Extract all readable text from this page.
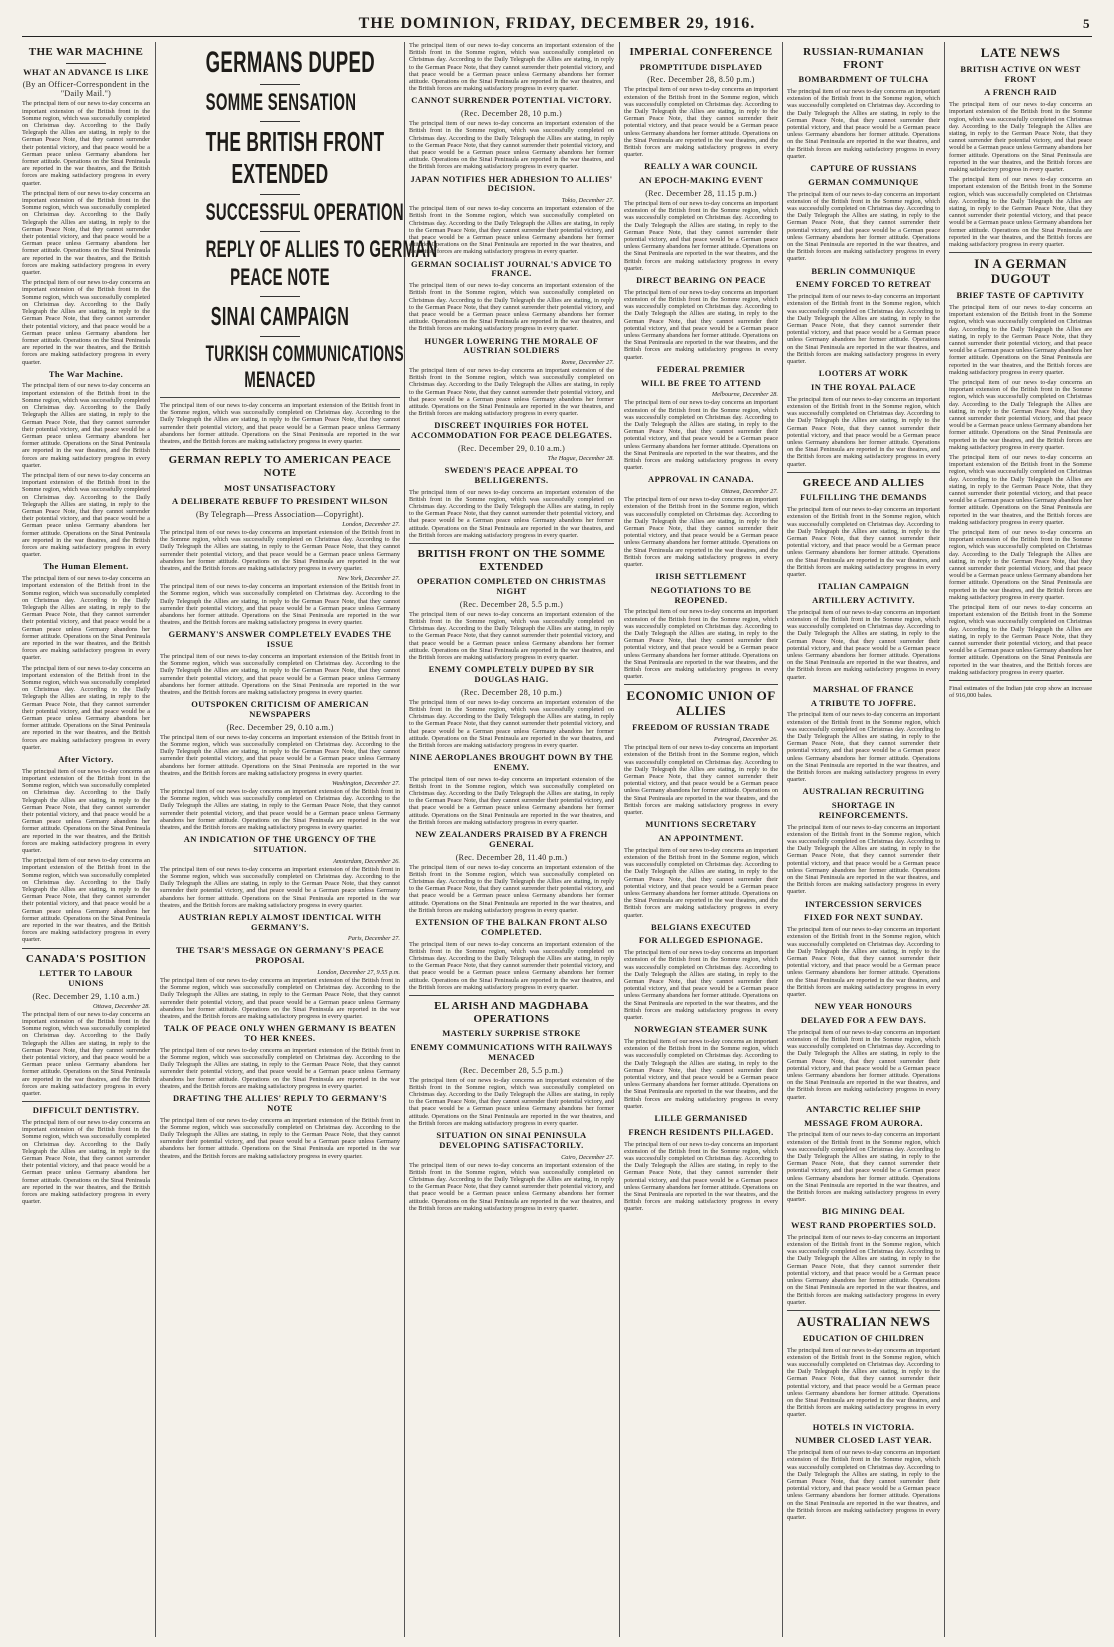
THE DOMINION, FRIDAY, DECEMBER 29, 1916.	5
THE WAR MACHINE
WHAT AN ADVANCE IS LIKE
(By an Officer-Correspondent in the "Daily Mail.")

The principal item of our news to-day concerns an important extension of the British front in the Somme region, which was successfully completed on Christmas day. According to the Daily Telegraph the Allies are stating, in reply to the German Peace Note, that they cannot surrender their potential victory, and that peace would be a German peace unless Germany abandons her former attitude. Operations on the Sinai Peninsula are reported in the war theatres, and the British forces are making satisfactory progress in every quarter.

The principal item of our news to-day concerns an important extension of the British front in the Somme region, which was successfully completed on Christmas day. According to the Daily Telegraph the Allies are stating, in reply to the German Peace Note, that they cannot surrender their potential victory, and that peace would be a German peace unless Germany abandons her former attitude. Operations on the Sinai Peninsula are reported in the war theatres, and the British forces are making satisfactory progress in every quarter.

The principal item of our news to-day concerns an important extension of the British front in the Somme region, which was successfully completed on Christmas day. According to the Daily Telegraph the Allies are stating, in reply to the German Peace Note, that they cannot surrender their potential victory, and that peace would be a German peace unless Germany abandons her former attitude. Operations on the Sinai Peninsula are reported in the war theatres, and the British forces are making satisfactory progress in every quarter.

The War Machine.

The principal item of our news to-day concerns an important extension of the British front in the Somme region, which was successfully completed on Christmas day. According to the Daily Telegraph the Allies are stating, in reply to the German Peace Note, that they cannot surrender their potential victory, and that peace would be a German peace unless Germany abandons her former attitude. Operations on the Sinai Peninsula are reported in the war theatres, and the British forces are making satisfactory progress in every quarter.

The principal item of our news to-day concerns an important extension of the British front in the Somme region, which was successfully completed on Christmas day. According to the Daily Telegraph the Allies are stating, in reply to the German Peace Note, that they cannot surrender their potential victory, and that peace would be a German peace unless Germany abandons her former attitude. Operations on the Sinai Peninsula are reported in the war theatres, and the British forces are making satisfactory progress in every quarter.

The Human Element.

The principal item of our news to-day concerns an important extension of the British front in the Somme region, which was successfully completed on Christmas day. According to the Daily Telegraph the Allies are stating, in reply to the German Peace Note, that they cannot surrender their potential victory, and that peace would be a German peace unless Germany abandons her former attitude. Operations on the Sinai Peninsula are reported in the war theatres, and the British forces are making satisfactory progress in every quarter.

The principal item of our news to-day concerns an important extension of the British front in the Somme region, which was successfully completed on Christmas day. According to the Daily Telegraph the Allies are stating, in reply to the German Peace Note, that they cannot surrender their potential victory, and that peace would be a German peace unless Germany abandons her former attitude. Operations on the Sinai Peninsula are reported in the war theatres, and the British forces are making satisfactory progress in every quarter.

After Victory.

The principal item of our news to-day concerns an important extension of the British front in the Somme region, which was successfully completed on Christmas day. According to the Daily Telegraph the Allies are stating, in reply to the German Peace Note, that they cannot surrender their potential victory, and that peace would be a German peace unless Germany abandons her former attitude. Operations on the Sinai Peninsula are reported in the war theatres, and the British forces are making satisfactory progress in every quarter.

The principal item of our news to-day concerns an important extension of the British front in the Somme region, which was successfully completed on Christmas day. According to the Daily Telegraph the Allies are stating, in reply to the German Peace Note, that they cannot surrender their potential victory, and that peace would be a German peace unless Germany abandons her former attitude. Operations on the Sinai Peninsula are reported in the war theatres, and the British forces are making satisfactory progress in every quarter.

CANADA'S POSITION
LETTER TO LABOUR UNIONS
(Rec. December 29, 1.10 a.m.)
Ottawa, December 28.

The principal item of our news to-day concerns an important extension of the British front in the Somme region, which was successfully completed on Christmas day. According to the Daily Telegraph the Allies are stating, in reply to the German Peace Note, that they cannot surrender their potential victory, and that peace would be a German peace unless Germany abandons her former attitude. Operations on the Sinai Peninsula are reported in the war theatres, and the British forces are making satisfactory progress in every quarter.

DIFFICULT DENTISTRY.

The principal item of our news to-day concerns an important extension of the British front in the Somme region, which was successfully completed on Christmas day. According to the Daily Telegraph the Allies are stating, in reply to the German Peace Note, that they cannot surrender their potential victory, and that peace would be a German peace unless Germany abandons her former attitude. Operations on the Sinai Peninsula are reported in the war theatres, and the British forces are making satisfactory progress in every quarter.

GERMANS DUPED
SOMME SENSATION
THE BRITISH FRONT
EXTENDED
SUCCESSFUL OPERATION
REPLY OF ALLIES TO GERMAN
PEACE NOTE
SINAI CAMPAIGN
TURKISH COMMUNICATIONS
MENACED

The principal item of our news to-day concerns an important extension of the British front in the Somme region, which was successfully completed on Christmas day. According to the Daily Telegraph the Allies are stating, in reply to the German Peace Note, that they cannot surrender their potential victory, and that peace would be a German peace unless Germany abandons her former attitude. Operations on the Sinai Peninsula are reported in the war theatres, and the British forces are making satisfactory progress in every quarter.

GERMAN REPLY TO AMERICAN PEACE NOTE
MOST UNSATISFACTORY
A DELIBERATE REBUFF TO PRESIDENT WILSON
(By Telegraph—Press Association—Copyright).
London, December 27.

The principal item of our news to-day concerns an important extension of the British front in the Somme region, which was successfully completed on Christmas day. According to the Daily Telegraph the Allies are stating, in reply to the German Peace Note, that they cannot surrender their potential victory, and that peace would be a German peace unless Germany abandons her former attitude. Operations on the Sinai Peninsula are reported in the war theatres, and the British forces are making satisfactory progress in every quarter.

New York, December 27.

The principal item of our news to-day concerns an important extension of the British front in the Somme region, which was successfully completed on Christmas day. According to the Daily Telegraph the Allies are stating, in reply to the German Peace Note, that they cannot surrender their potential victory, and that peace would be a German peace unless Germany abandons her former attitude. Operations on the Sinai Peninsula are reported in the war theatres, and the British forces are making satisfactory progress in every quarter.

GERMANY'S ANSWER COMPLETELY EVADES THE ISSUE

The principal item of our news to-day concerns an important extension of the British front in the Somme region, which was successfully completed on Christmas day. According to the Daily Telegraph the Allies are stating, in reply to the German Peace Note, that they cannot surrender their potential victory, and that peace would be a German peace unless Germany abandons her former attitude. Operations on the Sinai Peninsula are reported in the war theatres, and the British forces are making satisfactory progress in every quarter.

OUTSPOKEN CRITICISM OF AMERICAN NEWSPAPERS
(Rec. December 29, 0.10 a.m.)

The principal item of our news to-day concerns an important extension of the British front in the Somme region, which was successfully completed on Christmas day. According to the Daily Telegraph the Allies are stating, in reply to the German Peace Note, that they cannot surrender their potential victory, and that peace would be a German peace unless Germany abandons her former attitude. Operations on the Sinai Peninsula are reported in the war theatres, and the British forces are making satisfactory progress in every quarter.

Washington, December 27.

The principal item of our news to-day concerns an important extension of the British front in the Somme region, which was successfully completed on Christmas day. According to the Daily Telegraph the Allies are stating, in reply to the German Peace Note, that they cannot surrender their potential victory, and that peace would be a German peace unless Germany abandons her former attitude. Operations on the Sinai Peninsula are reported in the war theatres, and the British forces are making satisfactory progress in every quarter.

AN INDICATION OF THE URGENCY OF THE SITUATION.
Amsterdam, December 26.

The principal item of our news to-day concerns an important extension of the British front in the Somme region, which was successfully completed on Christmas day. According to the Daily Telegraph the Allies are stating, in reply to the German Peace Note, that they cannot surrender their potential victory, and that peace would be a German peace unless Germany abandons her former attitude. Operations on the Sinai Peninsula are reported in the war theatres, and the British forces are making satisfactory progress in every quarter.

AUSTRIAN REPLY ALMOST IDENTICAL WITH GERMANY'S.
Paris, December 27.
THE TSAR'S MESSAGE ON GERMANY'S PEACE PROPOSAL
London, December 27, 9.55 p.m.

The principal item of our news to-day concerns an important extension of the British front in the Somme region, which was successfully completed on Christmas day. According to the Daily Telegraph the Allies are stating, in reply to the German Peace Note, that they cannot surrender their potential victory, and that peace would be a German peace unless Germany abandons her former attitude. Operations on the Sinai Peninsula are reported in the war theatres, and the British forces are making satisfactory progress in every quarter.

TALK OF PEACE ONLY WHEN GERMANY IS BEATEN TO HER KNEES.

The principal item of our news to-day concerns an important extension of the British front in the Somme region, which was successfully completed on Christmas day. According to the Daily Telegraph the Allies are stating, in reply to the German Peace Note, that they cannot surrender their potential victory, and that peace would be a German peace unless Germany abandons her former attitude. Operations on the Sinai Peninsula are reported in the war theatres, and the British forces are making satisfactory progress in every quarter.

DRAFTING THE ALLIES' REPLY TO GERMANY'S NOTE

The principal item of our news to-day concerns an important extension of the British front in the Somme region, which was successfully completed on Christmas day. According to the Daily Telegraph the Allies are stating, in reply to the German Peace Note, that they cannot surrender their potential victory, and that peace would be a German peace unless Germany abandons her former attitude. Operations on the Sinai Peninsula are reported in the war theatres, and the British forces are making satisfactory progress in every quarter.

The principal item of our news to-day concerns an important extension of the British front in the Somme region, which was successfully completed on Christmas day. According to the Daily Telegraph the Allies are stating, in reply to the German Peace Note, that they cannot surrender their potential victory, and that peace would be a German peace unless Germany abandons her former attitude. Operations on the Sinai Peninsula are reported in the war theatres, and the British forces are making satisfactory progress in every quarter.

CANNOT SURRENDER POTENTIAL VICTORY.
(Rec. December 28, 10 p.m.)

The principal item of our news to-day concerns an important extension of the British front in the Somme region, which was successfully completed on Christmas day. According to the Daily Telegraph the Allies are stating, in reply to the German Peace Note, that they cannot surrender their potential victory, and that peace would be a German peace unless Germany abandons her former attitude. Operations on the Sinai Peninsula are reported in the war theatres, and the British forces are making satisfactory progress in every quarter.

JAPAN NOTIFIES HER ADHESION TO ALLIES' DECISION.
Tokio, December 27.

The principal item of our news to-day concerns an important extension of the British front in the Somme region, which was successfully completed on Christmas day. According to the Daily Telegraph the Allies are stating, in reply to the German Peace Note, that they cannot surrender their potential victory, and that peace would be a German peace unless Germany abandons her former attitude. Operations on the Sinai Peninsula are reported in the war theatres, and the British forces are making satisfactory progress in every quarter.

GERMAN SOCIALIST JOURNAL'S ADVICE TO FRANCE.

The principal item of our news to-day concerns an important extension of the British front in the Somme region, which was successfully completed on Christmas day. According to the Daily Telegraph the Allies are stating, in reply to the German Peace Note, that they cannot surrender their potential victory, and that peace would be a German peace unless Germany abandons her former attitude. Operations on the Sinai Peninsula are reported in the war theatres, and the British forces are making satisfactory progress in every quarter.

HUNGER LOWERING THE MORALE OF AUSTRIAN SOLDIERS
Rome, December 27.

The principal item of our news to-day concerns an important extension of the British front in the Somme region, which was successfully completed on Christmas day. According to the Daily Telegraph the Allies are stating, in reply to the German Peace Note, that they cannot surrender their potential victory, and that peace would be a German peace unless Germany abandons her former attitude. Operations on the Sinai Peninsula are reported in the war theatres, and the British forces are making satisfactory progress in every quarter.

DISCREET INQUIRIES FOR HOTEL ACCOMMODATION FOR PEACE DELEGATES.
(Rec. December 29, 0.10 a.m.)
The Hague, December 28.
SWEDEN'S PEACE APPEAL TO BELLIGERENTS.

The principal item of our news to-day concerns an important extension of the British front in the Somme region, which was successfully completed on Christmas day. According to the Daily Telegraph the Allies are stating, in reply to the German Peace Note, that they cannot surrender their potential victory, and that peace would be a German peace unless Germany abandons her former attitude. Operations on the Sinai Peninsula are reported in the war theatres, and the British forces are making satisfactory progress in every quarter.

BRITISH FRONT ON THE SOMME EXTENDED
OPERATION COMPLETED ON CHRISTMAS NIGHT
(Rec. December 28, 5.5 p.m.)

The principal item of our news to-day concerns an important extension of the British front in the Somme region, which was successfully completed on Christmas day. According to the Daily Telegraph the Allies are stating, in reply to the German Peace Note, that they cannot surrender their potential victory, and that peace would be a German peace unless Germany abandons her former attitude. Operations on the Sinai Peninsula are reported in the war theatres, and the British forces are making satisfactory progress in every quarter.

ENEMY COMPLETELY DUPED BY SIR DOUGLAS HAIG.
(Rec. December 28, 10 p.m.)

The principal item of our news to-day concerns an important extension of the British front in the Somme region, which was successfully completed on Christmas day. According to the Daily Telegraph the Allies are stating, in reply to the German Peace Note, that they cannot surrender their potential victory, and that peace would be a German peace unless Germany abandons her former attitude. Operations on the Sinai Peninsula are reported in the war theatres, and the British forces are making satisfactory progress in every quarter.

NINE AEROPLANES BROUGHT DOWN BY THE ENEMY.

The principal item of our news to-day concerns an important extension of the British front in the Somme region, which was successfully completed on Christmas day. According to the Daily Telegraph the Allies are stating, in reply to the German Peace Note, that they cannot surrender their potential victory, and that peace would be a German peace unless Germany abandons her former attitude. Operations on the Sinai Peninsula are reported in the war theatres, and the British forces are making satisfactory progress in every quarter.

NEW ZEALANDERS PRAISED BY A FRENCH GENERAL
(Rec. December 28, 11.40 p.m.)

The principal item of our news to-day concerns an important extension of the British front in the Somme region, which was successfully completed on Christmas day. According to the Daily Telegraph the Allies are stating, in reply to the German Peace Note, that they cannot surrender their potential victory, and that peace would be a German peace unless Germany abandons her former attitude. Operations on the Sinai Peninsula are reported in the war theatres, and the British forces are making satisfactory progress in every quarter.

EXTENSION OF THE BALKAN FRONT ALSO COMPLETED.

The principal item of our news to-day concerns an important extension of the British front in the Somme region, which was successfully completed on Christmas day. According to the Daily Telegraph the Allies are stating, in reply to the German Peace Note, that they cannot surrender their potential victory, and that peace would be a German peace unless Germany abandons her former attitude. Operations on the Sinai Peninsula are reported in the war theatres, and the British forces are making satisfactory progress in every quarter.

EL ARISH AND MAGDHABA OPERATIONS
MASTERLY SURPRISE STROKE
ENEMY COMMUNICATIONS WITH RAILWAYS MENACED
(Rec. December 28, 5.5 p.m.)

The principal item of our news to-day concerns an important extension of the British front in the Somme region, which was successfully completed on Christmas day. According to the Daily Telegraph the Allies are stating, in reply to the German Peace Note, that they cannot surrender their potential victory, and that peace would be a German peace unless Germany abandons her former attitude. Operations on the Sinai Peninsula are reported in the war theatres, and the British forces are making satisfactory progress in every quarter.

SITUATION ON SINAI PENINSULA DEVELOPING SATISFACTORILY.
Cairo, December 27.

The principal item of our news to-day concerns an important extension of the British front in the Somme region, which was successfully completed on Christmas day. According to the Daily Telegraph the Allies are stating, in reply to the German Peace Note, that they cannot surrender their potential victory, and that peace would be a German peace unless Germany abandons her former attitude. Operations on the Sinai Peninsula are reported in the war theatres, and the British forces are making satisfactory progress in every quarter.

IMPERIAL CONFERENCE
PROMPTITUDE DISPLAYED
(Rec. December 28, 8.50 p.m.)

The principal item of our news to-day concerns an important extension of the British front in the Somme region, which was successfully completed on Christmas day. According to the Daily Telegraph the Allies are stating, in reply to the German Peace Note, that they cannot surrender their potential victory, and that peace would be a German peace unless Germany abandons her former attitude. Operations on the Sinai Peninsula are reported in the war theatres, and the British forces are making satisfactory progress in every quarter.

REALLY A WAR COUNCIL
AN EPOCH-MAKING EVENT
(Rec. December 28, 11.15 p.m.)

The principal item of our news to-day concerns an important extension of the British front in the Somme region, which was successfully completed on Christmas day. According to the Daily Telegraph the Allies are stating, in reply to the German Peace Note, that they cannot surrender their potential victory, and that peace would be a German peace unless Germany abandons her former attitude. Operations on the Sinai Peninsula are reported in the war theatres, and the British forces are making satisfactory progress in every quarter.

DIRECT BEARING ON PEACE

The principal item of our news to-day concerns an important extension of the British front in the Somme region, which was successfully completed on Christmas day. According to the Daily Telegraph the Allies are stating, in reply to the German Peace Note, that they cannot surrender their potential victory, and that peace would be a German peace unless Germany abandons her former attitude. Operations on the Sinai Peninsula are reported in the war theatres, and the British forces are making satisfactory progress in every quarter.

FEDERAL PREMIER
WILL BE FREE TO ATTEND
Melbourne, December 28.

The principal item of our news to-day concerns an important extension of the British front in the Somme region, which was successfully completed on Christmas day. According to the Daily Telegraph the Allies are stating, in reply to the German Peace Note, that they cannot surrender their potential victory, and that peace would be a German peace unless Germany abandons her former attitude. Operations on the Sinai Peninsula are reported in the war theatres, and the British forces are making satisfactory progress in every quarter.

APPROVAL IN CANADA.
Ottawa, December 27.

The principal item of our news to-day concerns an important extension of the British front in the Somme region, which was successfully completed on Christmas day. According to the Daily Telegraph the Allies are stating, in reply to the German Peace Note, that they cannot surrender their potential victory, and that peace would be a German peace unless Germany abandons her former attitude. Operations on the Sinai Peninsula are reported in the war theatres, and the British forces are making satisfactory progress in every quarter.

IRISH SETTLEMENT
NEGOTIATIONS TO BE REOPENED.

The principal item of our news to-day concerns an important extension of the British front in the Somme region, which was successfully completed on Christmas day. According to the Daily Telegraph the Allies are stating, in reply to the German Peace Note, that they cannot surrender their potential victory, and that peace would be a German peace unless Germany abandons her former attitude. Operations on the Sinai Peninsula are reported in the war theatres, and the British forces are making satisfactory progress in every quarter.

ECONOMIC UNION OF ALLIES
FREEDOM OF RUSSIAN TRADE
Petrograd, December 26.

The principal item of our news to-day concerns an important extension of the British front in the Somme region, which was successfully completed on Christmas day. According to the Daily Telegraph the Allies are stating, in reply to the German Peace Note, that they cannot surrender their potential victory, and that peace would be a German peace unless Germany abandons her former attitude. Operations on the Sinai Peninsula are reported in the war theatres, and the British forces are making satisfactory progress in every quarter.

MUNITIONS SECRETARY
AN APPOINTMENT.

The principal item of our news to-day concerns an important extension of the British front in the Somme region, which was successfully completed on Christmas day. According to the Daily Telegraph the Allies are stating, in reply to the German Peace Note, that they cannot surrender their potential victory, and that peace would be a German peace unless Germany abandons her former attitude. Operations on the Sinai Peninsula are reported in the war theatres, and the British forces are making satisfactory progress in every quarter.

BELGIANS EXECUTED
FOR ALLEGED ESPIONAGE.

The principal item of our news to-day concerns an important extension of the British front in the Somme region, which was successfully completed on Christmas day. According to the Daily Telegraph the Allies are stating, in reply to the German Peace Note, that they cannot surrender their potential victory, and that peace would be a German peace unless Germany abandons her former attitude. Operations on the Sinai Peninsula are reported in the war theatres, and the British forces are making satisfactory progress in every quarter.

NORWEGIAN STEAMER SUNK

The principal item of our news to-day concerns an important extension of the British front in the Somme region, which was successfully completed on Christmas day. According to the Daily Telegraph the Allies are stating, in reply to the German Peace Note, that they cannot surrender their potential victory, and that peace would be a German peace unless Germany abandons her former attitude. Operations on the Sinai Peninsula are reported in the war theatres, and the British forces are making satisfactory progress in every quarter.

LILLE GERMANISED
FRENCH RESIDENTS PILLAGED.

The principal item of our news to-day concerns an important extension of the British front in the Somme region, which was successfully completed on Christmas day. According to the Daily Telegraph the Allies are stating, in reply to the German Peace Note, that they cannot surrender their potential victory, and that peace would be a German peace unless Germany abandons her former attitude. Operations on the Sinai Peninsula are reported in the war theatres, and the British forces are making satisfactory progress in every quarter.

RUSSIAN-RUMANIAN FRONT
BOMBARDMENT OF TULCHA

The principal item of our news to-day concerns an important extension of the British front in the Somme region, which was successfully completed on Christmas day. According to the Daily Telegraph the Allies are stating, in reply to the German Peace Note, that they cannot surrender their potential victory, and that peace would be a German peace unless Germany abandons her former attitude. Operations on the Sinai Peninsula are reported in the war theatres, and the British forces are making satisfactory progress in every quarter.

CAPTURE OF RUSSIANS
GERMAN COMMUNIQUE

The principal item of our news to-day concerns an important extension of the British front in the Somme region, which was successfully completed on Christmas day. According to the Daily Telegraph the Allies are stating, in reply to the German Peace Note, that they cannot surrender their potential victory, and that peace would be a German peace unless Germany abandons her former attitude. Operations on the Sinai Peninsula are reported in the war theatres, and the British forces are making satisfactory progress in every quarter.

BERLIN COMMUNIQUE
ENEMY FORCED TO RETREAT

The principal item of our news to-day concerns an important extension of the British front in the Somme region, which was successfully completed on Christmas day. According to the Daily Telegraph the Allies are stating, in reply to the German Peace Note, that they cannot surrender their potential victory, and that peace would be a German peace unless Germany abandons her former attitude. Operations on the Sinai Peninsula are reported in the war theatres, and the British forces are making satisfactory progress in every quarter.

LOOTERS AT WORK
IN THE ROYAL PALACE

The principal item of our news to-day concerns an important extension of the British front in the Somme region, which was successfully completed on Christmas day. According to the Daily Telegraph the Allies are stating, in reply to the German Peace Note, that they cannot surrender their potential victory, and that peace would be a German peace unless Germany abandons her former attitude. Operations on the Sinai Peninsula are reported in the war theatres, and the British forces are making satisfactory progress in every quarter.

GREECE AND ALLIES
FULFILLING THE DEMANDS

The principal item of our news to-day concerns an important extension of the British front in the Somme region, which was successfully completed on Christmas day. According to the Daily Telegraph the Allies are stating, in reply to the German Peace Note, that they cannot surrender their potential victory, and that peace would be a German peace unless Germany abandons her former attitude. Operations on the Sinai Peninsula are reported in the war theatres, and the British forces are making satisfactory progress in every quarter.

ITALIAN CAMPAIGN
ARTILLERY ACTIVITY.

The principal item of our news to-day concerns an important extension of the British front in the Somme region, which was successfully completed on Christmas day. According to the Daily Telegraph the Allies are stating, in reply to the German Peace Note, that they cannot surrender their potential victory, and that peace would be a German peace unless Germany abandons her former attitude. Operations on the Sinai Peninsula are reported in the war theatres, and the British forces are making satisfactory progress in every quarter.

MARSHAL OF FRANCE
A TRIBUTE TO JOFFRE.

The principal item of our news to-day concerns an important extension of the British front in the Somme region, which was successfully completed on Christmas day. According to the Daily Telegraph the Allies are stating, in reply to the German Peace Note, that they cannot surrender their potential victory, and that peace would be a German peace unless Germany abandons her former attitude. Operations on the Sinai Peninsula are reported in the war theatres, and the British forces are making satisfactory progress in every quarter.

AUSTRALIAN RECRUITING
SHORTAGE IN REINFORCEMENTS.

The principal item of our news to-day concerns an important extension of the British front in the Somme region, which was successfully completed on Christmas day. According to the Daily Telegraph the Allies are stating, in reply to the German Peace Note, that they cannot surrender their potential victory, and that peace would be a German peace unless Germany abandons her former attitude. Operations on the Sinai Peninsula are reported in the war theatres, and the British forces are making satisfactory progress in every quarter.

INTERCESSION SERVICES
FIXED FOR NEXT SUNDAY.

The principal item of our news to-day concerns an important extension of the British front in the Somme region, which was successfully completed on Christmas day. According to the Daily Telegraph the Allies are stating, in reply to the German Peace Note, that they cannot surrender their potential victory, and that peace would be a German peace unless Germany abandons her former attitude. Operations on the Sinai Peninsula are reported in the war theatres, and the British forces are making satisfactory progress in every quarter.

NEW YEAR HONOURS
DELAYED FOR A FEW DAYS.

The principal item of our news to-day concerns an important extension of the British front in the Somme region, which was successfully completed on Christmas day. According to the Daily Telegraph the Allies are stating, in reply to the German Peace Note, that they cannot surrender their potential victory, and that peace would be a German peace unless Germany abandons her former attitude. Operations on the Sinai Peninsula are reported in the war theatres, and the British forces are making satisfactory progress in every quarter.

ANTARCTIC RELIEF SHIP
MESSAGE FROM AURORA.

The principal item of our news to-day concerns an important extension of the British front in the Somme region, which was successfully completed on Christmas day. According to the Daily Telegraph the Allies are stating, in reply to the German Peace Note, that they cannot surrender their potential victory, and that peace would be a German peace unless Germany abandons her former attitude. Operations on the Sinai Peninsula are reported in the war theatres, and the British forces are making satisfactory progress in every quarter.

BIG MINING DEAL
WEST RAND PROPERTIES SOLD.

The principal item of our news to-day concerns an important extension of the British front in the Somme region, which was successfully completed on Christmas day. According to the Daily Telegraph the Allies are stating, in reply to the German Peace Note, that they cannot surrender their potential victory, and that peace would be a German peace unless Germany abandons her former attitude. Operations on the Sinai Peninsula are reported in the war theatres, and the British forces are making satisfactory progress in every quarter.

AUSTRALIAN NEWS
EDUCATION OF CHILDREN

The principal item of our news to-day concerns an important extension of the British front in the Somme region, which was successfully completed on Christmas day. According to the Daily Telegraph the Allies are stating, in reply to the German Peace Note, that they cannot surrender their potential victory, and that peace would be a German peace unless Germany abandons her former attitude. Operations on the Sinai Peninsula are reported in the war theatres, and the British forces are making satisfactory progress in every quarter.

HOTELS IN VICTORIA.
NUMBER CLOSED LAST YEAR.

The principal item of our news to-day concerns an important extension of the British front in the Somme region, which was successfully completed on Christmas day. According to the Daily Telegraph the Allies are stating, in reply to the German Peace Note, that they cannot surrender their potential victory, and that peace would be a German peace unless Germany abandons her former attitude. Operations on the Sinai Peninsula are reported in the war theatres, and the British forces are making satisfactory progress in every quarter.

LATE NEWS
BRITISH ACTIVE ON WEST FRONT
A FRENCH RAID

The principal item of our news to-day concerns an important extension of the British front in the Somme region, which was successfully completed on Christmas day. According to the Daily Telegraph the Allies are stating, in reply to the German Peace Note, that they cannot surrender their potential victory, and that peace would be a German peace unless Germany abandons her former attitude. Operations on the Sinai Peninsula are reported in the war theatres, and the British forces are making satisfactory progress in every quarter.

The principal item of our news to-day concerns an important extension of the British front in the Somme region, which was successfully completed on Christmas day. According to the Daily Telegraph the Allies are stating, in reply to the German Peace Note, that they cannot surrender their potential victory, and that peace would be a German peace unless Germany abandons her former attitude. Operations on the Sinai Peninsula are reported in the war theatres, and the British forces are making satisfactory progress in every quarter.

IN A GERMAN DUGOUT
BRIEF TASTE OF CAPTIVITY

The principal item of our news to-day concerns an important extension of the British front in the Somme region, which was successfully completed on Christmas day. According to the Daily Telegraph the Allies are stating, in reply to the German Peace Note, that they cannot surrender their potential victory, and that peace would be a German peace unless Germany abandons her former attitude. Operations on the Sinai Peninsula are reported in the war theatres, and the British forces are making satisfactory progress in every quarter.

The principal item of our news to-day concerns an important extension of the British front in the Somme region, which was successfully completed on Christmas day. According to the Daily Telegraph the Allies are stating, in reply to the German Peace Note, that they cannot surrender their potential victory, and that peace would be a German peace unless Germany abandons her former attitude. Operations on the Sinai Peninsula are reported in the war theatres, and the British forces are making satisfactory progress in every quarter.

The principal item of our news to-day concerns an important extension of the British front in the Somme region, which was successfully completed on Christmas day. According to the Daily Telegraph the Allies are stating, in reply to the German Peace Note, that they cannot surrender their potential victory, and that peace would be a German peace unless Germany abandons her former attitude. Operations on the Sinai Peninsula are reported in the war theatres, and the British forces are making satisfactory progress in every quarter.

The principal item of our news to-day concerns an important extension of the British front in the Somme region, which was successfully completed on Christmas day. According to the Daily Telegraph the Allies are stating, in reply to the German Peace Note, that they cannot surrender their potential victory, and that peace would be a German peace unless Germany abandons her former attitude. Operations on the Sinai Peninsula are reported in the war theatres, and the British forces are making satisfactory progress in every quarter.

The principal item of our news to-day concerns an important extension of the British front in the Somme region, which was successfully completed on Christmas day. According to the Daily Telegraph the Allies are stating, in reply to the German Peace Note, that they cannot surrender their potential victory, and that peace would be a German peace unless Germany abandons her former attitude. Operations on the Sinai Peninsula are reported in the war theatres, and the British forces are making satisfactory progress in every quarter.

Final estimates of the Indian jute crop show an increase of 916,000 bales.
